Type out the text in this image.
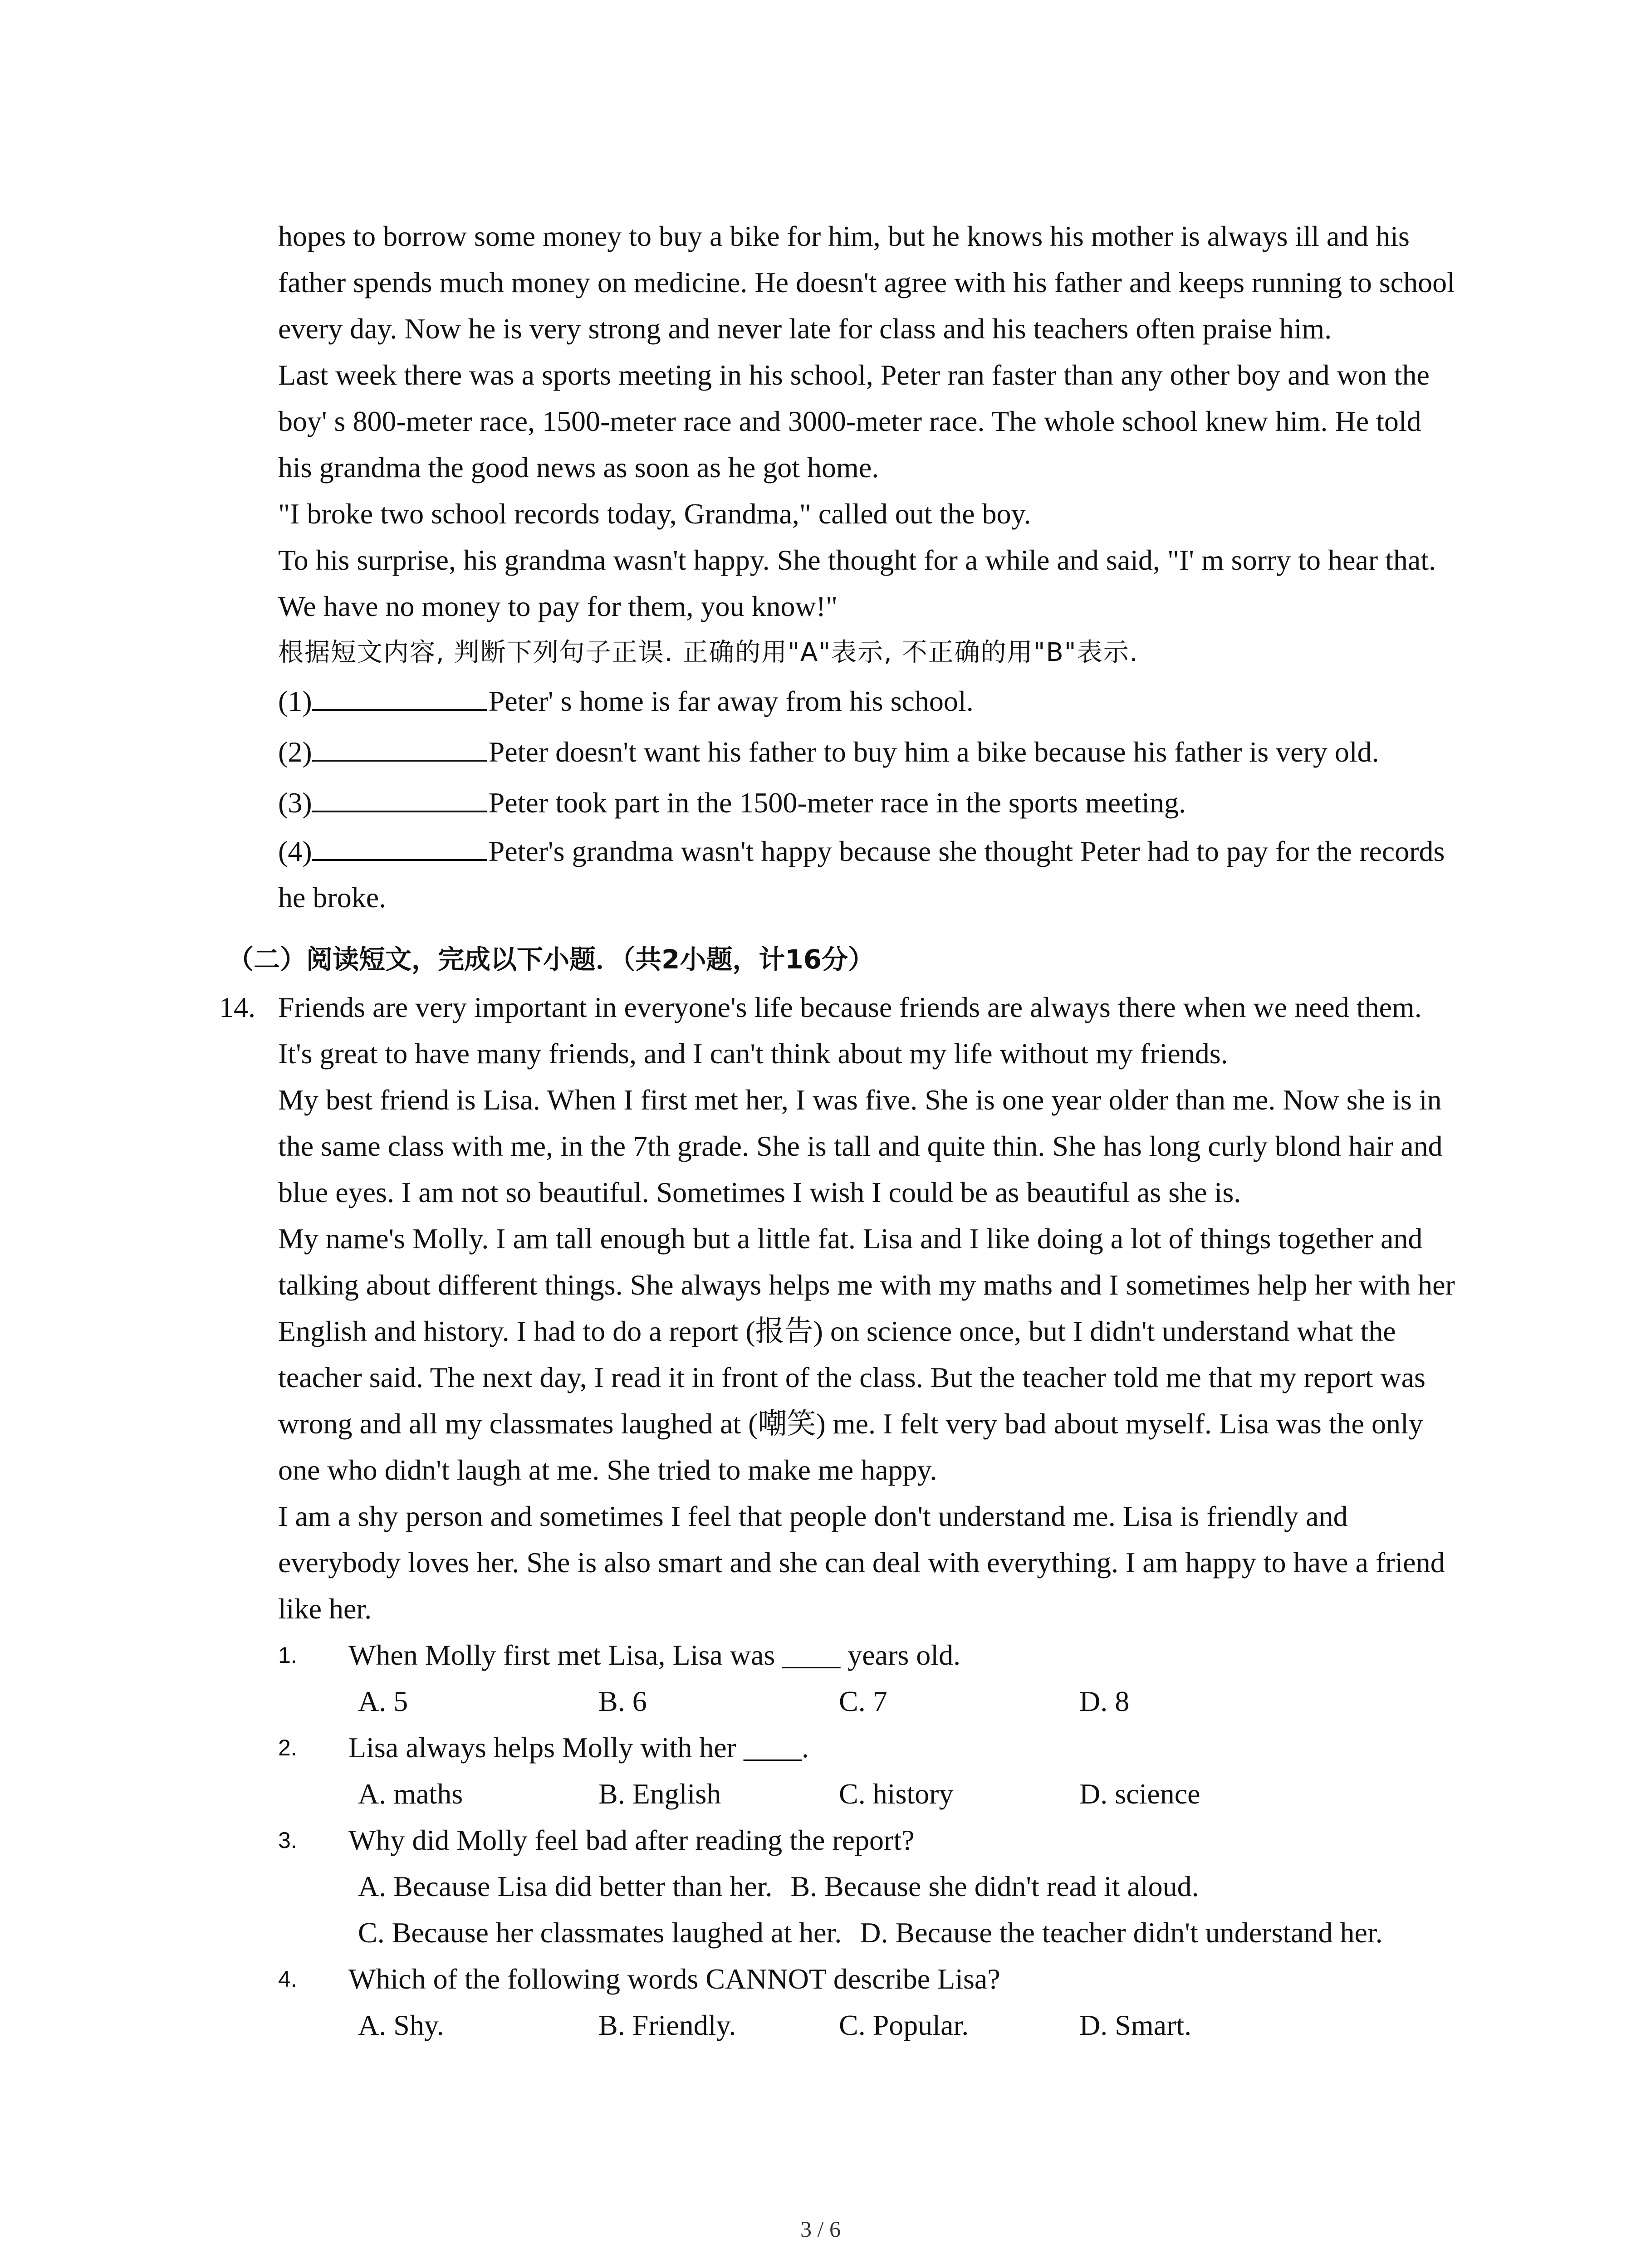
hopes to borrow some money to buy a bike for him, but he knows his mother is always ill and his father spends much money on medicine. He doesn't agree with his father and keeps running to school every day. Now he is very strong and never late for class and his teachers often praise him.

Last week there was a sports meeting in his school, Peter ran faster than any other boy and won the boy' s 800-meter race, 1500-meter race and 3000-meter race. The whole school knew him. He told his grandma the good news as soon as he got home.

"I broke two school records today, Grandma," called out the boy.

To his surprise, his grandma wasn't happy. She thought for a while and said, "I' m sorry to hear that. We have no money to pay for them, you know!"

根据短文内容, 判断下列句子正误. 正确的用"A"表示, 不正确的用"B"表示.

(1)	Peter' s home is far away from his school.

(2)	Peter doesn't want his father to buy him a bike because his father is very old.

(3)	Peter took part in the 1500-meter race in the sports meeting.

(4)	Peter's grandma wasn't happy because she thought Peter had to pay for the records he broke.

（二）阅读短文，完成以下小题．（共2小题，计16分）

14. Friends are very important in everyone's life because friends are always there when we need them. It's great to have many friends, and I can't think about my life without my friends.

My best friend is Lisa. When I first met her, I was five. She is one year older than me. Now she is in the same class with me, in the 7th grade. She is tall and quite thin. She has long curly blond hair and blue eyes. I am not so beautiful. Sometimes I wish I could be as beautiful as she is.

My name's Molly. I am tall enough but a little fat. Lisa and I like doing a lot of things together and talking about different things. She always helps me with my maths and I sometimes help her with her English and history. I had to do a report (报告) on science once, but I didn't understand what the teacher said. The next day, I read it in front of the class. But the teacher told me that my report was wrong and all my classmates laughed at (嘲笑) me. I felt very bad about myself. Lisa was the only one who didn't laugh at me. She tried to make me happy.

I am a shy person and sometimes I feel that people don't understand me. Lisa is friendly and everybody loves her. She is also smart and she can deal with everything. I am happy to have a friend like her.

1. When Molly first met Lisa, Lisa was ____ years old.
A. 5	B. 6	C. 7	D. 8
2. Lisa always helps Molly with her ____.
A. maths	B. English	C. history	D. science
3. Why did Molly feel bad after reading the report?
A. Because Lisa did better than her. B. Because she didn't read it aloud.
C. Because her classmates laughed at her. D. Because the teacher didn't understand her.
4. Which of the following words CANNOT describe Lisa?
A. Shy.	B. Friendly.	C. Popular.	D. Smart.
3 / 6
